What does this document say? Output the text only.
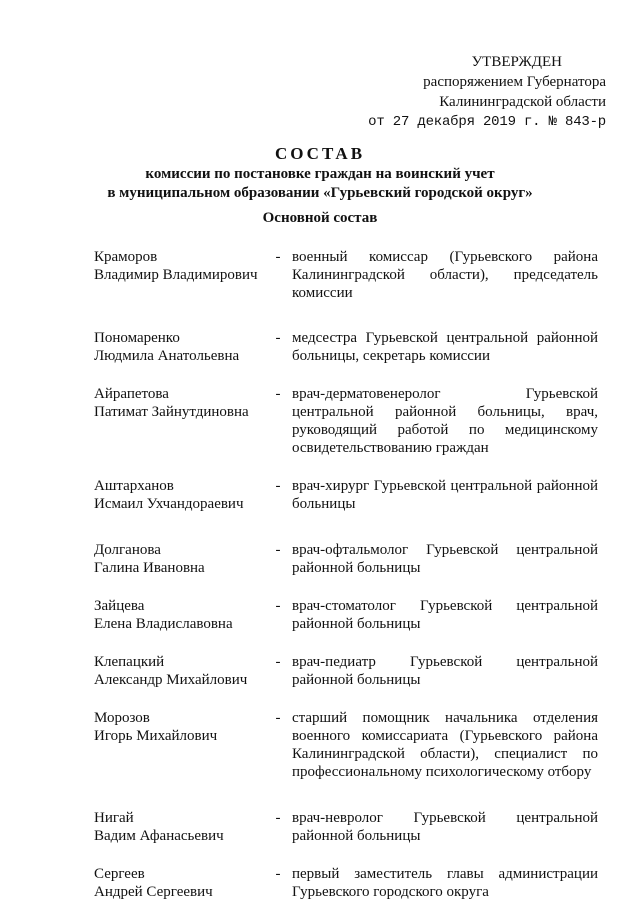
УТВЕРЖДЕН
распоряжением Губернатора
Калининградской области
от 27 декабря 2019 г. № 843-р
СОСТАВ
комиссии по постановке граждан на воинский учет
в муниципальном образовании «Гурьевский городской округ»
Основной состав
Краморов
Владимир Владимирович
- военный комиссар (Гурьевского района Калининградской области), председатель комиссии
Пономаренко
Людмила Анатольевна
- медсестра Гурьевской центральной районной больницы, секретарь комиссии
Айрапетова
Патимат Зайнутдиновна
- врач-дерматовенеролог Гурьевской центральной районной больницы, врач, руководящий работой по медицинскому освидетельствованию граждан
Аштарханов
Исмаил Ухчандораевич
- врач-хирург Гурьевской центральной районной больницы
Долганова
Галина Ивановна
- врач-офтальмолог Гурьевской центральной районной больницы
Зайцева
Елена Владиславовна
- врач-стоматолог Гурьевской центральной районной больницы
Клепацкий
Александр Михайлович
- врач-педиатр Гурьевской центральной районной больницы
Морозов
Игорь Михайлович
- старший помощник начальника отделения военного комиссариата (Гурьевского района Калининградской области), специалист по профессиональному психологическому отбору
Нигай
Вадим Афанасьевич
- врач-невролог Гурьевской центральной районной больницы
Сергеев
Андрей Сергеевич
- первый заместитель главы администрации Гурьевского городского округа
